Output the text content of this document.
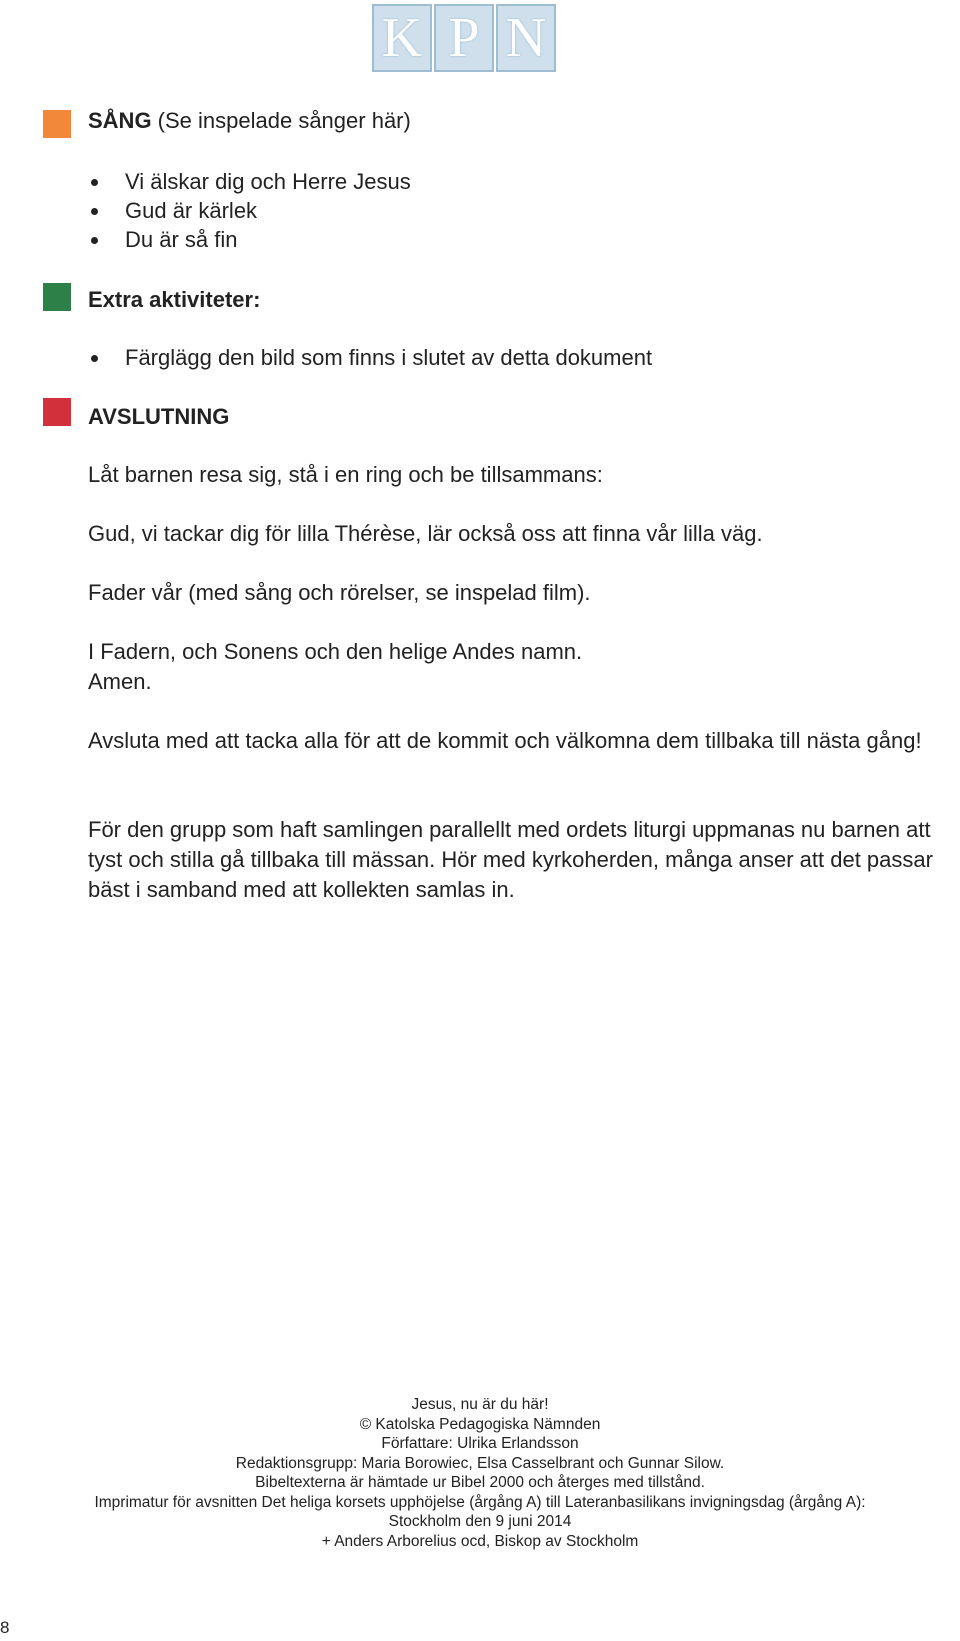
K P N
SÅNG (Se inspelade sånger här)
Vi älskar dig och Herre Jesus
Gud är kärlek
Du är så fin
Extra aktiviteter:
Färglägg den bild som finns i slutet av detta dokument
AVSLUTNING

Låt barnen resa sig, stå i en ring och be tillsammans:

Gud, vi tackar dig för lilla Thérèse, lär också oss att finna vår lilla väg.

Fader vår (med sång och rörelser, se inspelad film).

I Fadern, och Sonens och den helige Andes namn.

Amen.

Avsluta med att tacka alla för att de kommit och välkomna dem tillbaka till nästa gång!

För den grupp som haft samlingen parallellt med ordets liturgi uppmanas nu barnen att tyst och stilla gå tillbaka till mässan. Hör med kyrkoherden, många anser att det passar bäst i samband med att kollekten samlas in.

Jesus, nu är du här!
© Katolska Pedagogiska Nämnden
Författare: Ulrika Erlandsson
Redaktionsgrupp: Maria Borowiec, Elsa Casselbrant och Gunnar Silow.
Bibeltexterna är hämtade ur Bibel 2000 och återges med tillstånd.
Imprimatur för avsnitten Det heliga korsets upphöjelse (årgång A) till Lateranbasilikans invigningsdag (årgång A):
Stockholm den 9 juni 2014
+ Anders Arborelius ocd, Biskop av Stockholm
8
